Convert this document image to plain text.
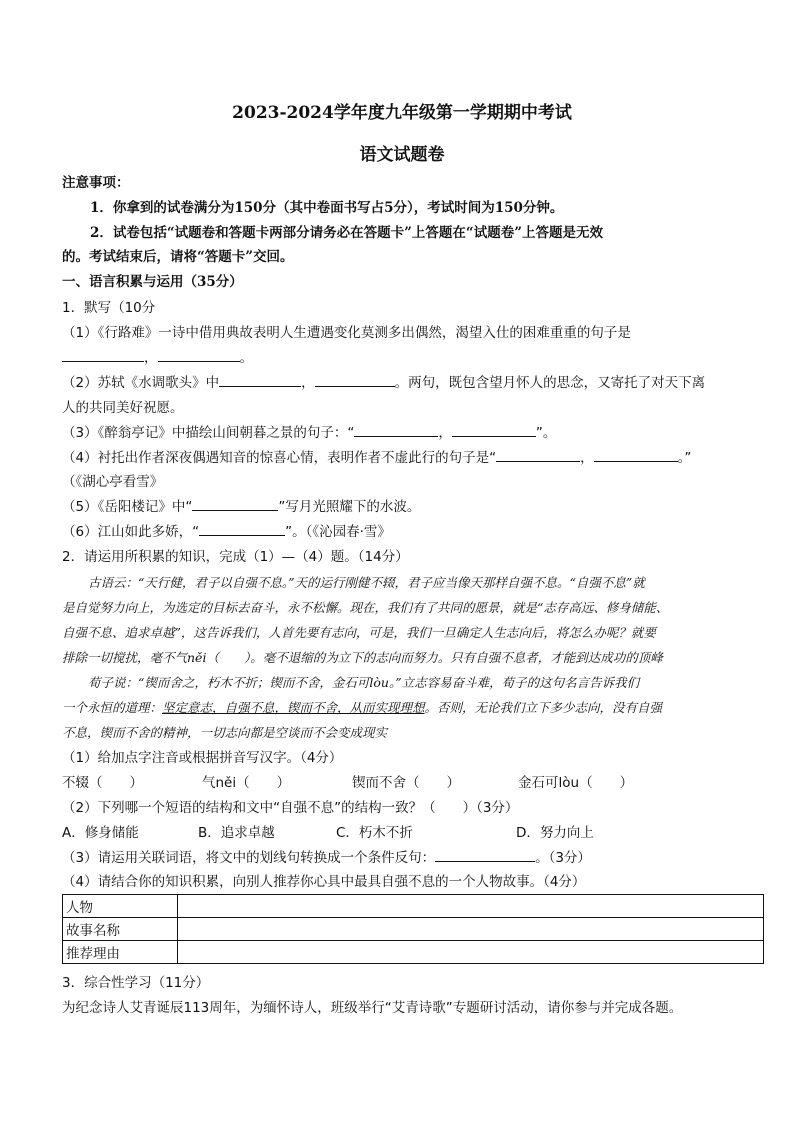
2023-2024学年度九年级第一学期期中考试
语文试题卷
注意事项：
1．你拿到的试卷满分为150分（其中卷面书写占5分），考试时间为150分钟。
2．试卷包括“试题卷和答题卡两部分请务必在答题卡”上答题在“试题卷”上答题是无效
的。考试结束后，请将“答题卡”交回。
一、语言积累与运用（35分）
1．默写（10分
（1）《行路难》一诗中借用典故表明人生遭遇变化莫测多出偶然，渴望入仕的困难重重的句子是
，	。
（2）苏轼《水调歌头》中	，	。两句，既包含望月怀人的思念，又寄托了对天下离
人的共同美好祝愿。
（3）《醉翁亭记》中描绘山间朝暮之景的句子：“	，	”。
（4）衬托出作者深夜偶遇知音的惊喜心情，表明作者不虚此行的句子是“	，	。”
（《湖心亭看雪》
（5）《岳阳楼记》中“	”写月光照耀下的水波。
（6）江山如此多娇，“	”。（《沁园春·雪》
2．请运用所积累的知识，完成（1）—（4）题。（14分）
古语云：“天行健，君子以自强不息。”天的运行刚健不辍，君子应当像天那样自强不息。“自强不息”就
是自觉努力向上，为选定的目标去奋斗，永不松懈。现在，我们有了共同的愿景，就是“志存高远、修身储能、
自强不息、追求卓越”，这告诉我们，人首先要有志向，可是，我们一旦确定人生志向后，将怎么办呢？就要
排除一切搅扰，毫不气něi（　　）。毫不退缩的为立下的志向而努力。只有自强不息者，才能到达成功的顶峰
荀子说：“锲而舍之，朽木不折；锲而不舍，金石可lòu。”立志容易奋斗难，荀子的这句名言告诉我们
一个永恒的道理：坚定意志，自强不息，锲而不舍，从而实现理想。否则，无论我们立下多少志向，没有自强
不息，锲而不舍的精神，一切志向都是空谈而不会变成现实
（1）给加点字注音或根据拼音写汉字。（4分）
不辍（　　）	气něi（　　）	锲而不舍（　　）	金石可lòu（　　）
（2）下列哪一个短语的结构和文中“自强不息”的结构一致？（　　）（3分）
A．修身储能	B．追求卓越	C．朽木不折	D．努力向上
（3）请运用关联词语，将文中的划线句转换成一个条件反句：	。（3分）
（4）请结合你的知识积累，向别人推荐你心具中最具自强不息的一个人物故事。（4分）
人物	
故事名称	
推荐理由	
3．综合性学习（11分）
为纪念诗人艾青诞辰113周年，为缅怀诗人，班级举行“艾青诗歌”专题研讨活动，请你参与并完成各题。
